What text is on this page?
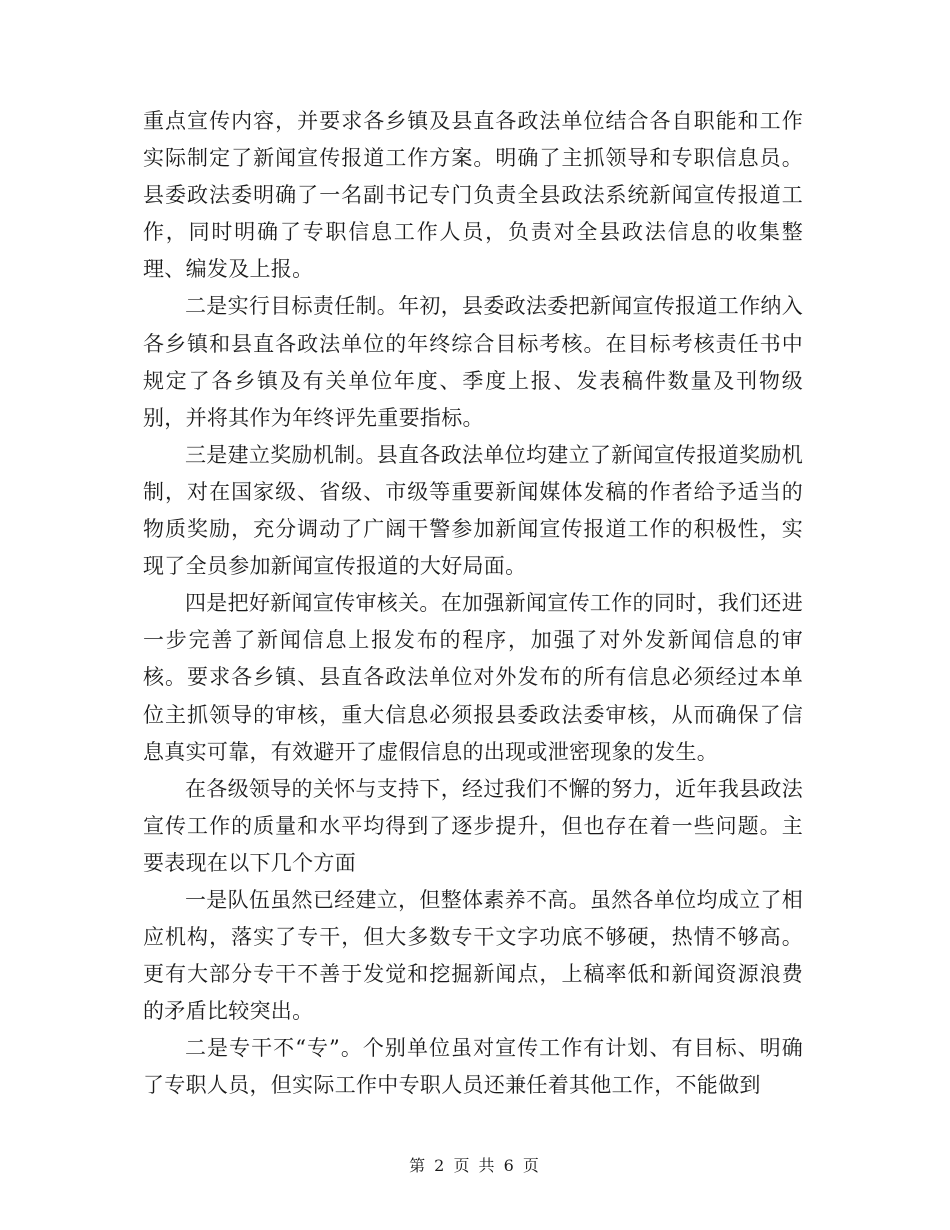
重点宣传内容，并要求各乡镇及县直各政法单位结合各自职能和工作实际制定了新闻宣传报道工作方案。明确了主抓领导和专职信息员。县委政法委明确了一名副书记专门负责全县政法系统新闻宣传报道工作，同时明确了专职信息工作人员，负责对全县政法信息的收集整理、编发及上报。

二是实行目标责任制。年初，县委政法委把新闻宣传报道工作纳入各乡镇和县直各政法单位的年终综合目标考核。在目标考核责任书中规定了各乡镇及有关单位年度、季度上报、发表稿件数量及刊物级别，并将其作为年终评先重要指标。

三是建立奖励机制。县直各政法单位均建立了新闻宣传报道奖励机制，对在国家级、省级、市级等重要新闻媒体发稿的作者给予适当的物质奖励，充分调动了广阔干警参加新闻宣传报道工作的积极性，实现了全员参加新闻宣传报道的大好局面。

四是把好新闻宣传审核关。在加强新闻宣传工作的同时，我们还进一步完善了新闻信息上报发布的程序，加强了对外发新闻信息的审核。要求各乡镇、县直各政法单位对外发布的所有信息必须经过本单位主抓领导的审核，重大信息必须报县委政法委审核，从而确保了信息真实可靠，有效避开了虚假信息的出现或泄密现象的发生。

在各级领导的关怀与支持下，经过我们不懈的努力，近年我县政法宣传工作的质量和水平均得到了逐步提升，但也存在着一些问题。主要表现在以下几个方面

一是队伍虽然已经建立，但整体素养不高。虽然各单位均成立了相应机构，落实了专干，但大多数专干文字功底不够硬，热情不够高。更有大部分专干不善于发觉和挖掘新闻点，上稿率低和新闻资源浪费的矛盾比较突出。

二是专干不“专”。个别单位虽对宣传工作有计划、有目标、明确了专职人员，但实际工作中专职人员还兼任着其他工作，不能做到

第 2 页 共 6 页
